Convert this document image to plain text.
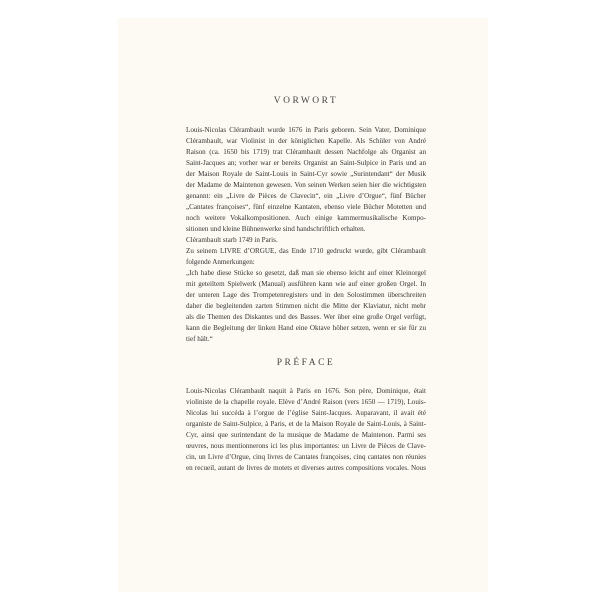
VORWORT
Louis-Nicolas Clérambault wurde 1676 in Paris geboren. Sein Vater, Dominique
Clérambault, war Violinist in der königlichen Kapelle. Als Schüler von André
Raison (ca. 1650 bis 1719) trat Clérambault dessen Nachfolge als Organist an
Saint-Jacques an; vorher war er bereits Organist an Saint-Sulpice in Paris und an
der Maison Royale de Saint-Louis in Saint-Cyr sowie „Surintendant“ der Musik
der Madame de Maintenon gewesen. Von seinen Werken seien hier die wichtigsten
genannt: ein „Livre de Pièces de Clavecin“, ein „Livre d’Orgue“, fünf Bücher
„Cantates françoises“, fünf einzelne Kantaten, ebenso viele Bücher Motetten und
noch weitere Vokalkompositionen. Auch einige kammermusikalische Kompo-
sitionen und kleine Bühnenwerke sind handschriftlich erhalten.
Clérambault starb 1749 in Paris.
Zu seinem LIVRE d’ORGUE, das Ende 1710 gedruckt wurde, gibt Clérambault
folgende Anmerkungen:
„Ich habe diese Stücke so gesetzt, daß man sie ebenso leicht auf einer Kleinorgel
mit geteiltem Spielwerk (Manual) ausführen kann wie auf einer großen Orgel. In
der unteren Lage des Trompetenregisters und in den Solostimmen überschreiten
daher die begleitenden zarten Stimmen nicht die Mitte der Klaviatur, nicht mehr
als die Themen des Diskantes und des Basses. Wer über eine große Orgel verfügt,
kann die Begleitung der linken Hand eine Oktave höher setzen, wenn er sie für zu
tief hält.“
PRÉFACE
Louis-Nicolas Clérambault naquit à Paris en 1676. Son père, Dominique, était
violiniste de la chapelle royale. Elève d’André Raison (vers 1650 — 1719), Louis-
Nicolas lui succéda à l’orgue de l’église Saint-Jacques. Auparavant, il avait été
organiste de Saint-Sulpice, à Paris, et de la Maison Royale de Saint-Louis, à Saint-
Cyr, ainsi que surintendant de la musique de Madame de Maintenon. Parmi ses
œuvres, nous mentionnerons ici les plus importantes: un Livre de Pièces de Clave-
cin, un Livre d’Orgue, cinq livres de Cantates françoises, cinq cantates non réunies
en recueil, autant de livres de motets et diverses autres compositions vocales. Nous
